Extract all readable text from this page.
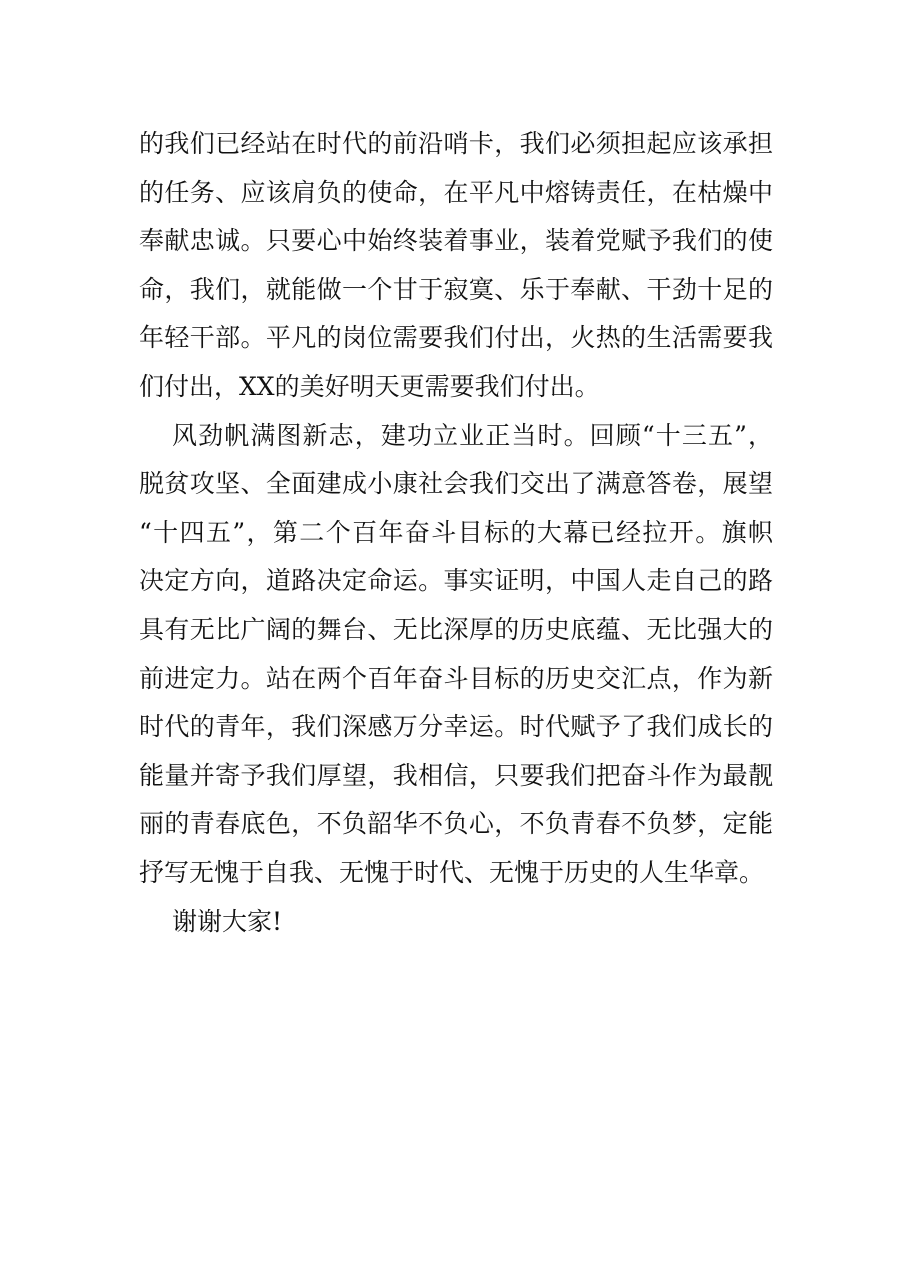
的我们已经站在时代的前沿哨卡，我们必须担起应该承担
的任务、应该肩负的使命，在平凡中熔铸责任，在枯燥中
奉献忠诚。只要心中始终装着事业，装着党赋予我们的使
命，我们，就能做一个甘于寂寞、乐于奉献、干劲十足的
年轻干部。平凡的岗位需要我们付出，火热的生活需要我
们付出，XX的美好明天更需要我们付出。
风劲帆满图新志，建功立业正当时。回顾“十三五”，
脱贫攻坚、全面建成小康社会我们交出了满意答卷，展望
“十四五”，第二个百年奋斗目标的大幕已经拉开。旗帜
决定方向，道路决定命运。事实证明，中国人走自己的路
具有无比广阔的舞台、无比深厚的历史底蕴、无比强大的
前进定力。站在两个百年奋斗目标的历史交汇点，作为新
时代的青年，我们深感万分幸运。时代赋予了我们成长的
能量并寄予我们厚望，我相信，只要我们把奋斗作为最靓
丽的青春底色，不负韶华不负心，不负青春不负梦，定能
抒写无愧于自我、无愧于时代、无愧于历史的人生华章。
谢谢大家!
